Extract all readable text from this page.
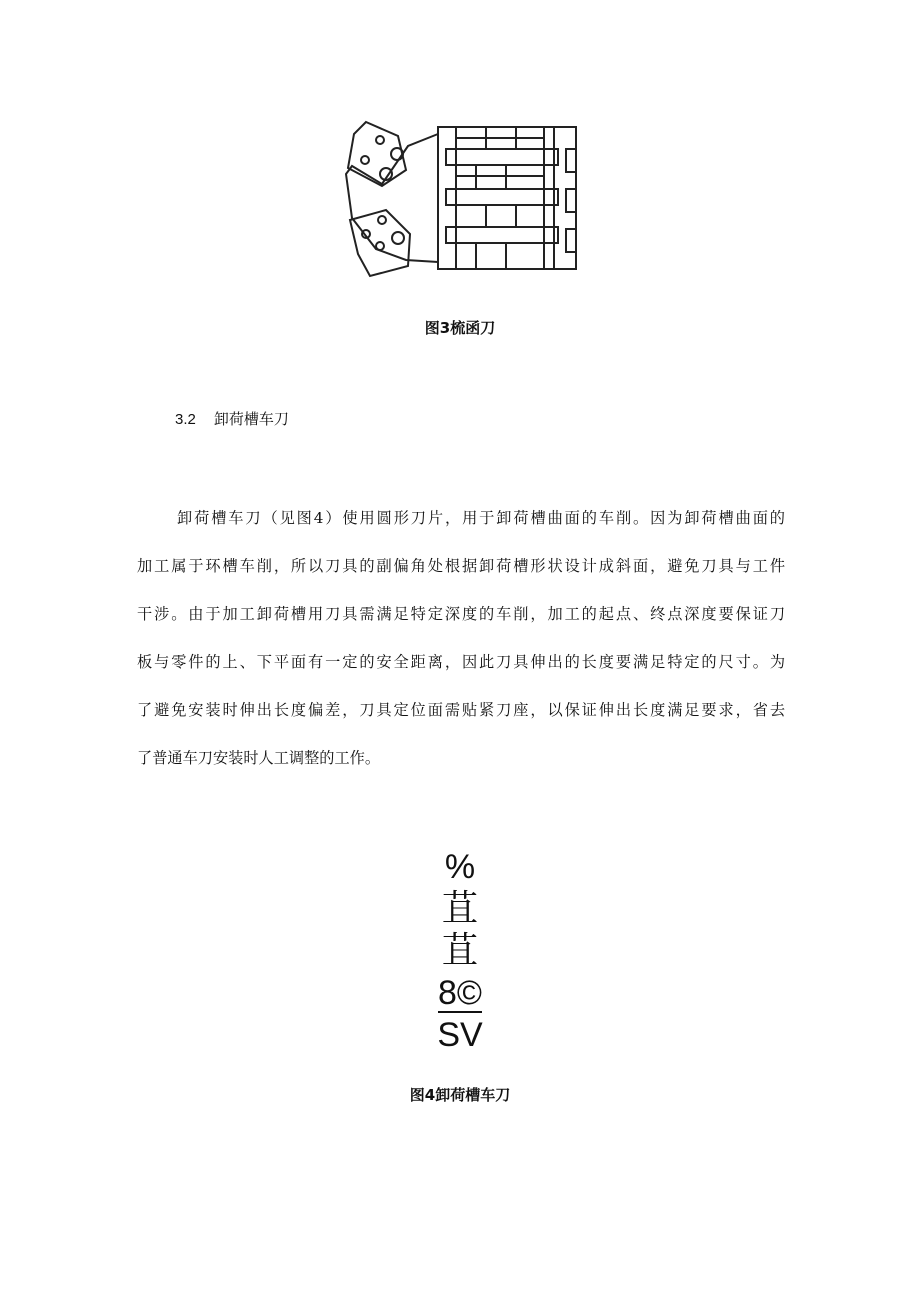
图3梳函刀
3.2 卸荷槽车刀
卸荷槽车刀（见图4）使用圆形刀片，用于卸荷槽曲面的车削。因为卸荷槽曲面的
加工属于环槽车削，所以刀具的副偏角处根据卸荷槽形状设计成斜面，避免刀具与工件
干涉。由于加工卸荷槽用刀具需满足特定深度的车削，加工的起点、终点深度要保证刀
板与零件的上、下平面有一定的安全距离，因此刀具伸出的长度要满足特定的尺寸。为
了避免安装时伸出长度偏差，刀具定位面需贴紧刀座，以保证伸出长度满足要求，省去
了普通车刀安装时人工调整的工作。
%
苴
苴
8©
SV
图4卸荷槽车刀
